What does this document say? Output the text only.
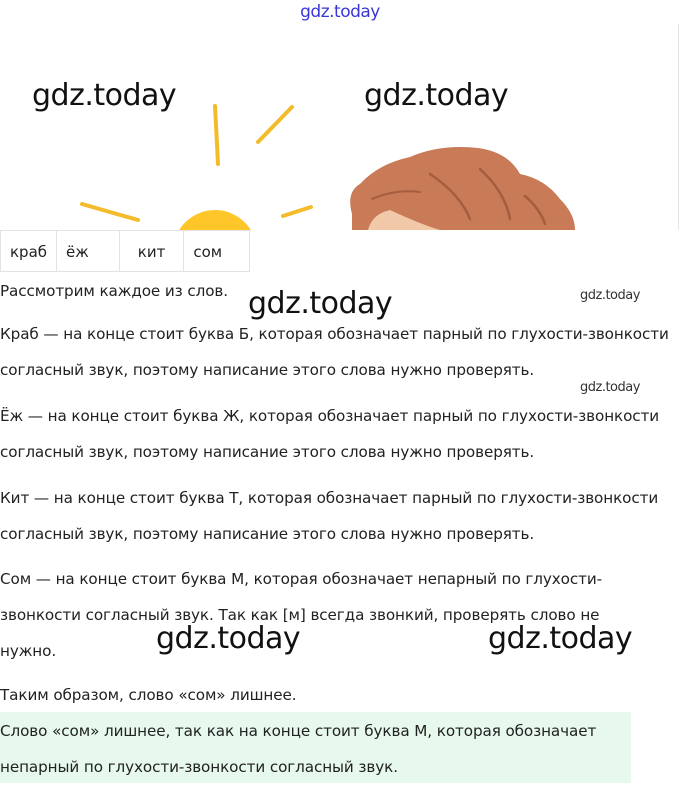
gdz.today
gdz.today	gdz.today
краб	ёж	кит	сом
Рассмотрим каждое из слов. gdz.today	gdz.today
Краб — на конце стоит буква Б, которая обозначает парный по глухости-звонкости согласный звук, поэтому написание этого слова нужно проверять.
gdz.today
Ёж — на конце стоит буква Ж, которая обозначает парный по глухости-звонкости согласный звук, поэтому написание этого слова нужно проверять.
Кит — на конце стоит буква Т, которая обозначает парный по глухости-звонкости согласный звук, поэтому написание этого слова нужно проверять.
Сом — на конце стоит буква М, которая обозначает непарный по глухости-звонкости согласный звук. Так как [м] всегда звонкий, проверять слово не нужно.	gdz.today	gdz.today
Таким образом, слово «сом» лишнее.
Слово «сом» лишнее, так как на конце стоит буква М, которая обозначает непарный по глухости-звонкости согласный звук.
